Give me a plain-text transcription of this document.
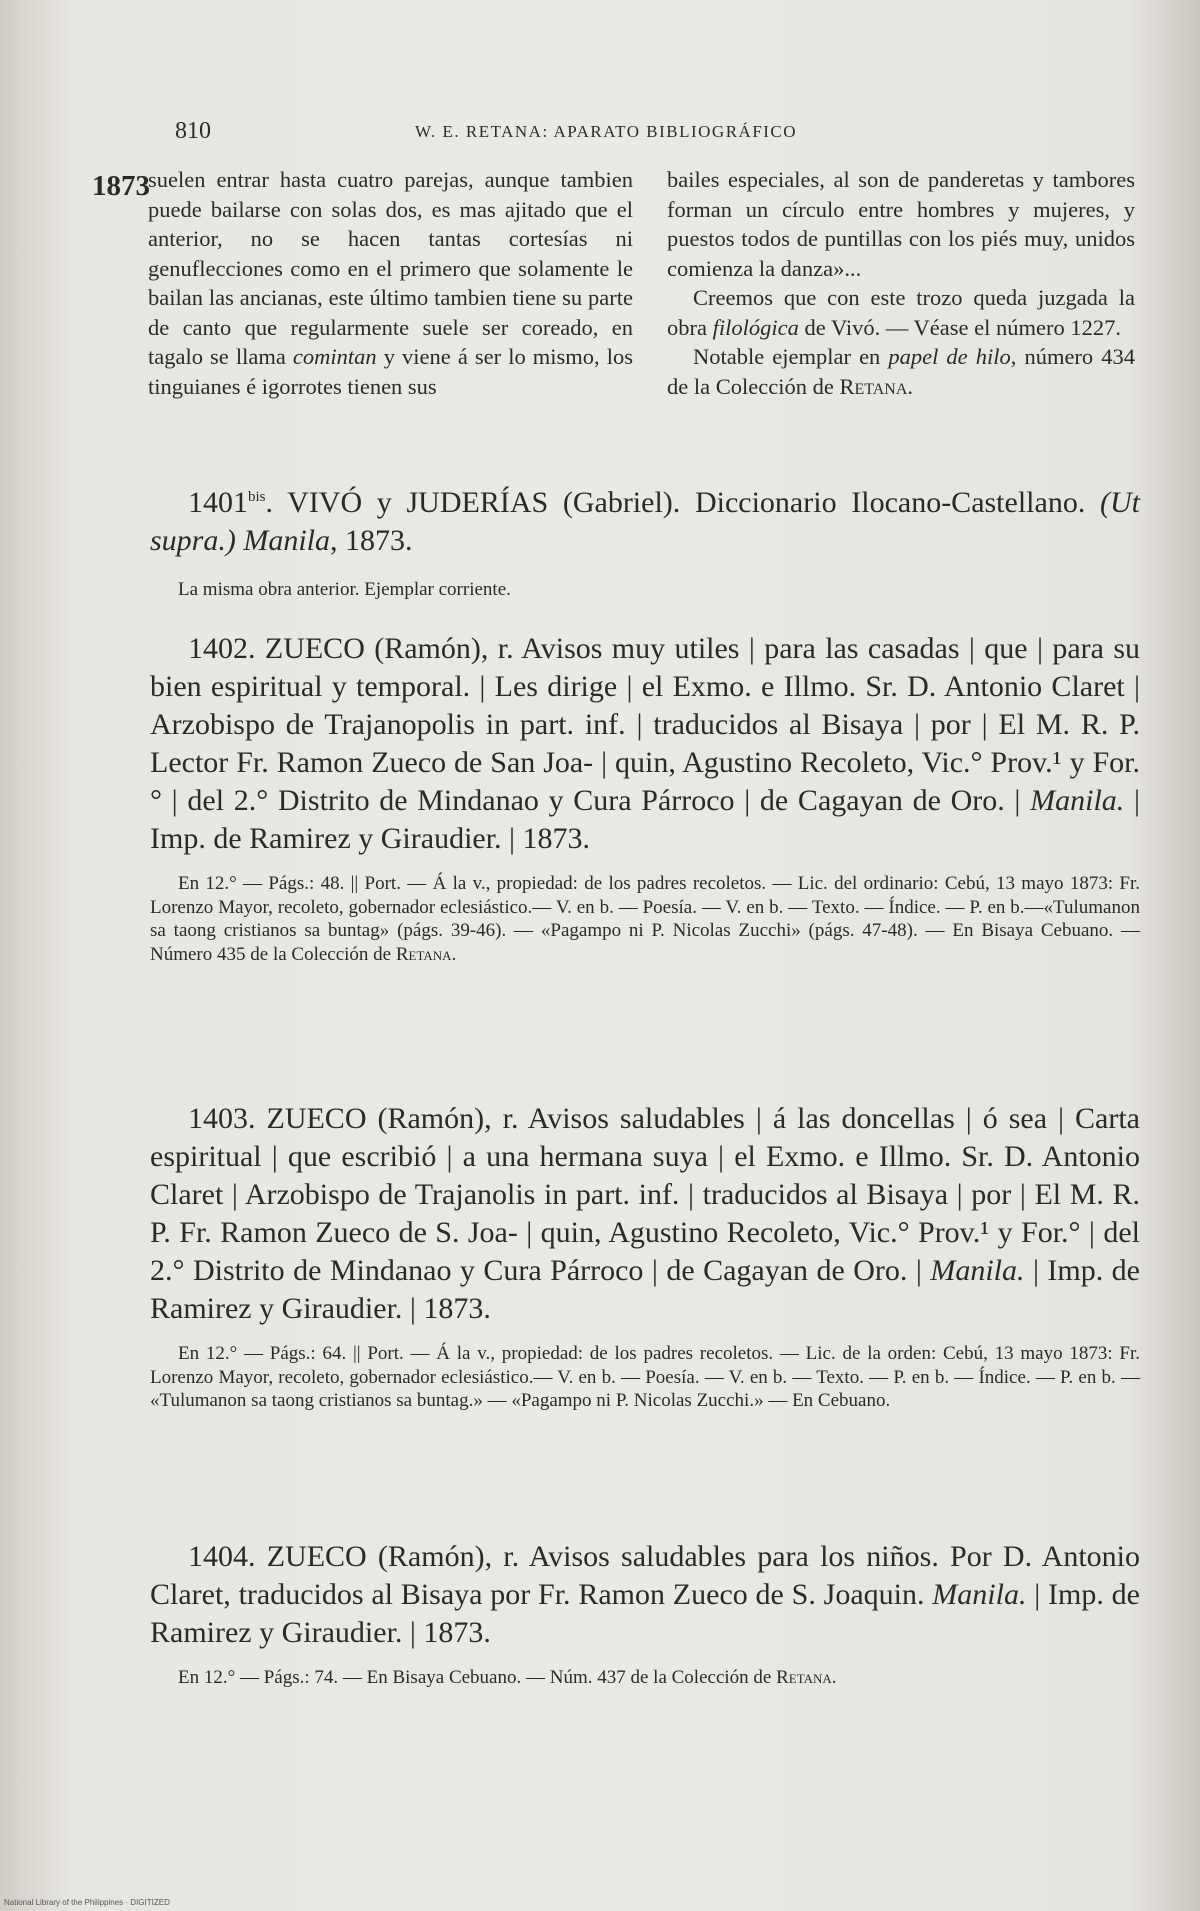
810	W. E. RETANA: APARATO BIBLIOGRÁFICO
1873

suelen entrar hasta cuatro parejas, aunque tambien puede bailarse con solas dos, es mas ajitado que el anterior, no se hacen tantas cortesías ni genuflecciones como en el primero que solamente le bailan las ancianas, este último tambien tiene su parte de canto que regularmente suele ser coreado, en tagalo se llama comintan y viene á ser lo mismo, los tinguianes é igorrotes tienen sus

bailes especiales, al son de panderetas y tambores forman un círculo entre hombres y mujeres, y puestos todos de puntillas con los piés muy, unidos comienza la danza»...

Creemos que con este trozo queda juzgada la obra filológica de Vivó. — Véase el número 1227.

Notable ejemplar en papel de hilo, número 434 de la Colección de Retana.

$1401^{bis}$. VIVÓ y JUDERÍAS (Gabriel). Diccionario Ilocano-Castellano. (Ut supra.) Manila, 1873.

La misma obra anterior. Ejemplar corriente.

1402. ZUECO (Ramón), r. Avisos muy utiles | para las casadas | que | para su bien espiritual y temporal. | Les dirige | el Exmo. e Illmo. Sr. D. Antonio Claret | Arzobispo de Trajanopolis in part. inf. | traducidos al Bisaya | por | El M. R. P. Lector Fr. Ramon Zueco de San Joa- | quin, Agustino Recoleto, Vic.° Prov.¹ y For.° | del 2.° Distrito de Mindanao y Cura Párroco | de Cagayan de Oro. | Manila. | Imp. de Ramirez y Giraudier. | 1873.

En 12.° — Págs.: 48. || Port. — Á la v., propiedad: de los padres recoletos. — Lic. del ordinario: Cebú, 13 mayo 1873: Fr. Lorenzo Mayor, recoleto, gobernador eclesiástico.— V. en b. — Poesía. — V. en b. — Texto. — Índice. — P. en b.—«Tulumanon sa taong cristianos sa buntag» (págs. 39-46). — «Pagampo ni P. Nicolas Zucchi» (págs. 47-48). — En Bisaya Cebuano. — Número 435 de la Colección de Retana.

1403. ZUECO (Ramón), r. Avisos saludables | á las doncellas | ó sea | Carta espiritual | que escribió | a una hermana suya | el Exmo. e Illmo. Sr. D. Antonio Claret | Arzobispo de Trajanolis in part. inf. | traducidos al Bisaya | por | El M. R. P. Fr. Ramon Zueco de S. Joa- | quin, Agustino Recoleto, Vic.° Prov.¹ y For.° | del 2.° Distrito de Mindanao y Cura Párroco | de Cagayan de Oro. | Manila. | Imp. de Ramirez y Giraudier. | 1873.

En 12.° — Págs.: 64. || Port. — Á la v., propiedad: de los padres recoletos. — Lic. de la orden: Cebú, 13 mayo 1873: Fr. Lorenzo Mayor, recoleto, gobernador eclesiástico.— V. en b. — Poesía. — V. en b. — Texto. — P. en b. — Índice. — P. en b. — «Tulumanon sa taong cristianos sa buntag.» — «Pagampo ni P. Nicolas Zucchi.» — En Cebuano.

1404. ZUECO (Ramón), r. Avisos saludables para los niños. Por D. Antonio Claret, traducidos al Bisaya por Fr. Ramon Zueco de S. Joaquin. Manila. | Imp. de Ramirez y Giraudier. | 1873.

En 12.° — Págs.: 74. — En Bisaya Cebuano. — Núm. 437 de la Colección de Retana.

National Library of the Philippines · DIGITIZED
